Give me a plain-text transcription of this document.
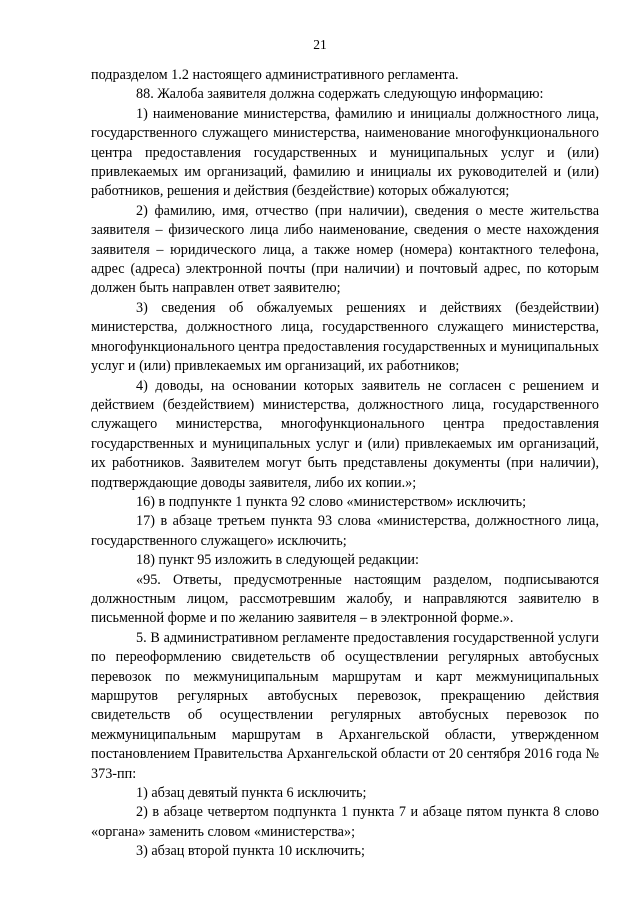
21

подразделом 1.2 настоящего административного регламента.

88. Жалоба заявителя должна содержать следующую информацию:

1) наименование министерства, фамилию и инициалы должностного лица, государственного служащего министерства, наименование многофункционального центра предоставления государственных и муниципальных услуг и (или) привлекаемых им организаций, фамилию и инициалы их руководителей и (или) работников, решения и действия (бездействие) которых обжалуются;

2) фамилию, имя, отчество (при наличии), сведения о месте жительства заявителя – физического лица либо наименование, сведения о месте нахождения заявителя – юридического лица, а также номер (номера) контактного телефона, адрес (адреса) электронной почты (при наличии) и почтовый адрес, по которым должен быть направлен ответ заявителю;

3) сведения об обжалуемых решениях и действиях (бездействии) министерства, должностного лица, государственного служащего министерства, многофункционального центра предоставления государственных и муниципальных услуг и (или) привлекаемых им организаций, их работников;

4) доводы, на основании которых заявитель не согласен с решением и действием (бездействием) министерства, должностного лица, государственного служащего министерства, многофункционального центра предоставления государственных и муниципальных услуг и (или) привлекаемых им организаций, их работников. Заявителем могут быть представлены документы (при наличии), подтверждающие доводы заявителя, либо их копии.»;

16) в подпункте 1 пункта 92 слово «министерством» исключить;

17) в абзаце третьем пункта 93 слова «министерства, должностного лица, государственного служащего» исключить;

18) пункт 95 изложить в следующей редакции:

«95. Ответы, предусмотренные настоящим разделом, подписываются должностным лицом, рассмотревшим жалобу, и направляются заявителю в письменной форме и по желанию заявителя – в электронной форме.».

5. В административном регламенте предоставления государственной услуги по переоформлению свидетельств об осуществлении регулярных автобусных перевозок по межмуниципальным маршрутам и карт межмуниципальных маршрутов регулярных автобусных перевозок, прекращению действия свидетельств об осуществлении регулярных автобусных перевозок по межмуниципальным маршрутам в Архангельской области, утвержденном постановлением Правительства Архангельской области от 20 сентября 2016 года № 373-пп:

1) абзац девятый пункта 6 исключить;

2) в абзаце четвертом подпункта 1 пункта 7 и абзаце пятом пункта 8 слово «органа» заменить словом «министерства»;

3) абзац второй пункта 10 исключить;
